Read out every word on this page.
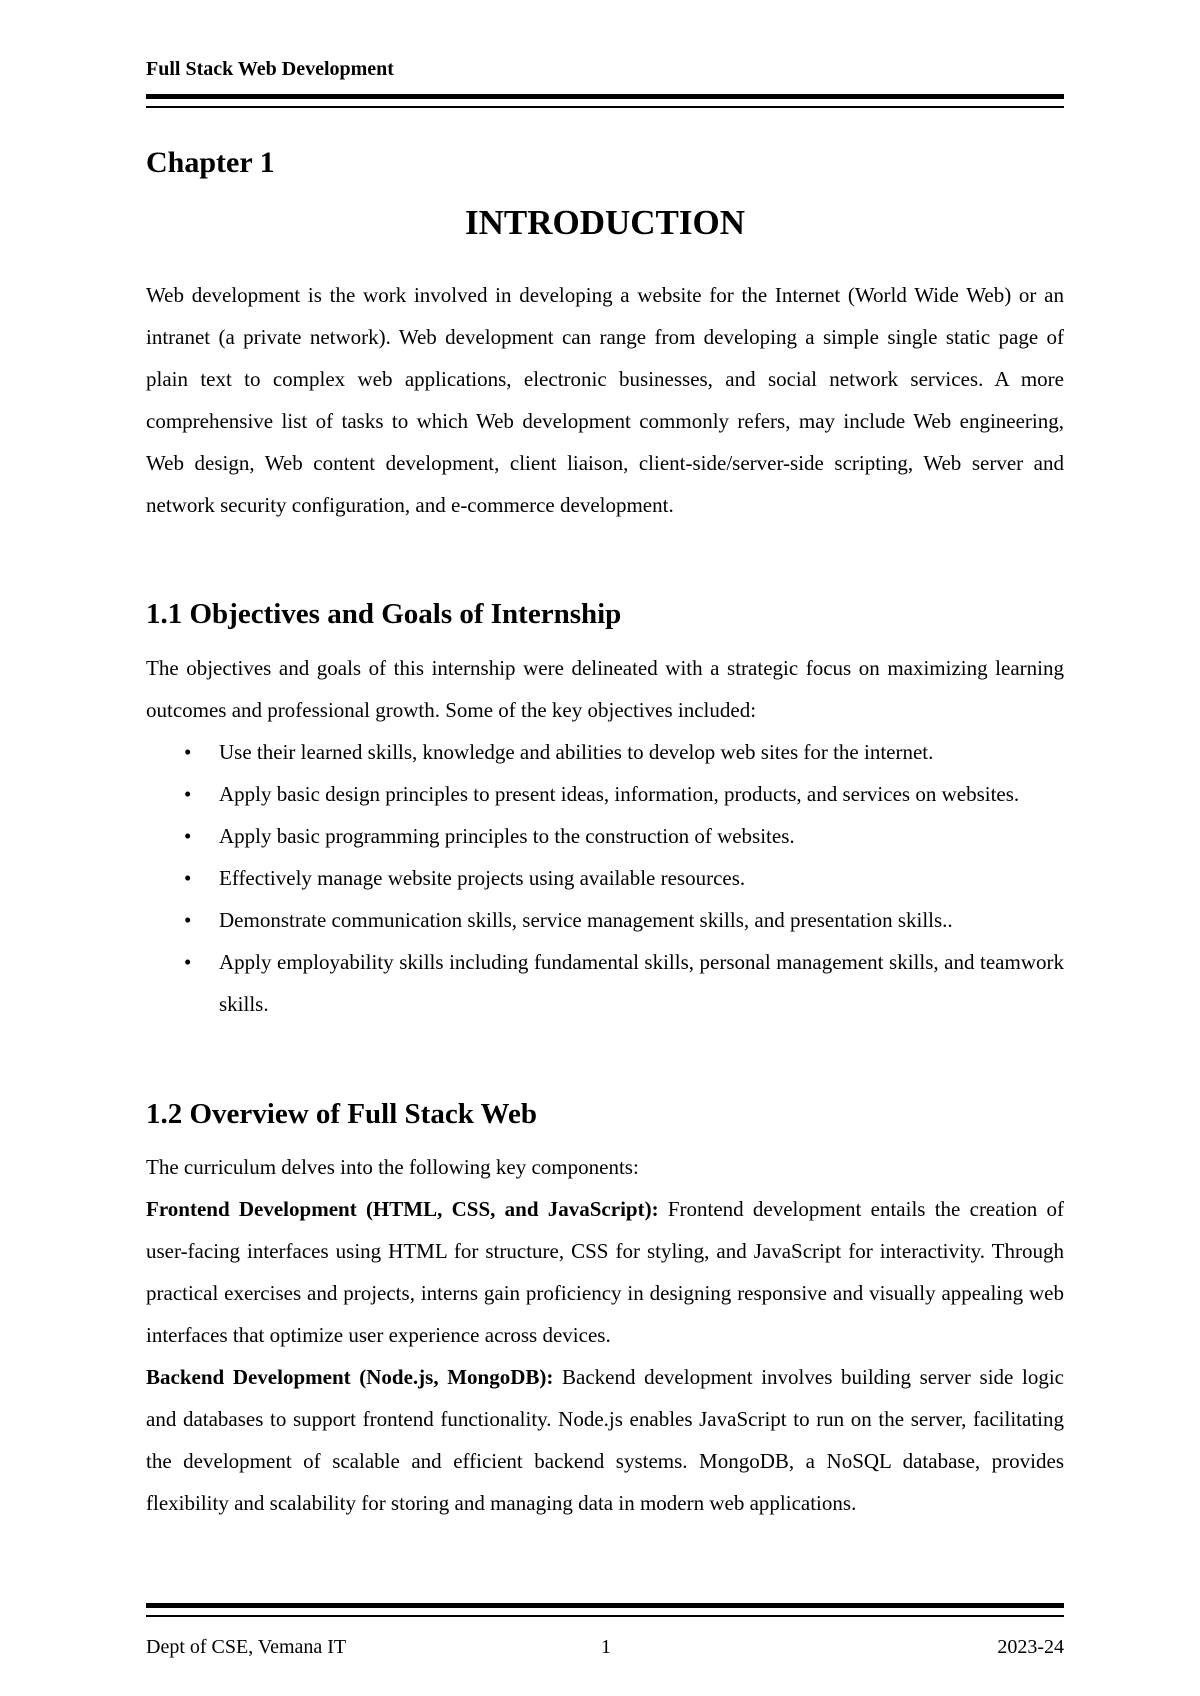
Full Stack Web Development
Chapter 1
INTRODUCTION

Web development is the work involved in developing a website for the Internet (World Wide Web) or an intranet (a private network). Web development can range from developing a simple single static page of plain text to complex web applications, electronic businesses, and social network services. A more comprehensive list of tasks to which Web development commonly refers, may include Web engineering, Web design, Web content development, client liaison, client-side/server-side scripting, Web server and network security configuration, and e-commerce development.

1.1 Objectives and Goals of Internship

The objectives and goals of this internship were delineated with a strategic focus on maximizing learning outcomes and professional growth. Some of the key objectives included:

• Use their learned skills, knowledge and abilities to develop web sites for the internet.
• Apply basic design principles to present ideas, information, products, and services on websites.
• Apply basic programming principles to the construction of websites.
• Effectively manage website projects using available resources.
• Demonstrate communication skills, service management skills, and presentation skills..
• Apply employability skills including fundamental skills, personal management skills, and teamwork skills.
1.2 Overview of Full Stack Web

The curriculum delves into the following key components:

Frontend Development (HTML, CSS, and JavaScript): Frontend development entails the creation of user-facing interfaces using HTML for structure, CSS for styling, and JavaScript for interactivity. Through practical exercises and projects, interns gain proficiency in designing responsive and visually appealing web interfaces that optimize user experience across devices.

Backend Development (Node.js, MongoDB): Backend development involves building server side logic and databases to support frontend functionality. Node.js enables JavaScript to run on the server, facilitating the development of scalable and efficient backend systems. MongoDB, a NoSQL database, provides flexibility and scalability for storing and managing data in modern web applications.

Dept of CSE, Vemana IT	1	2023-24
